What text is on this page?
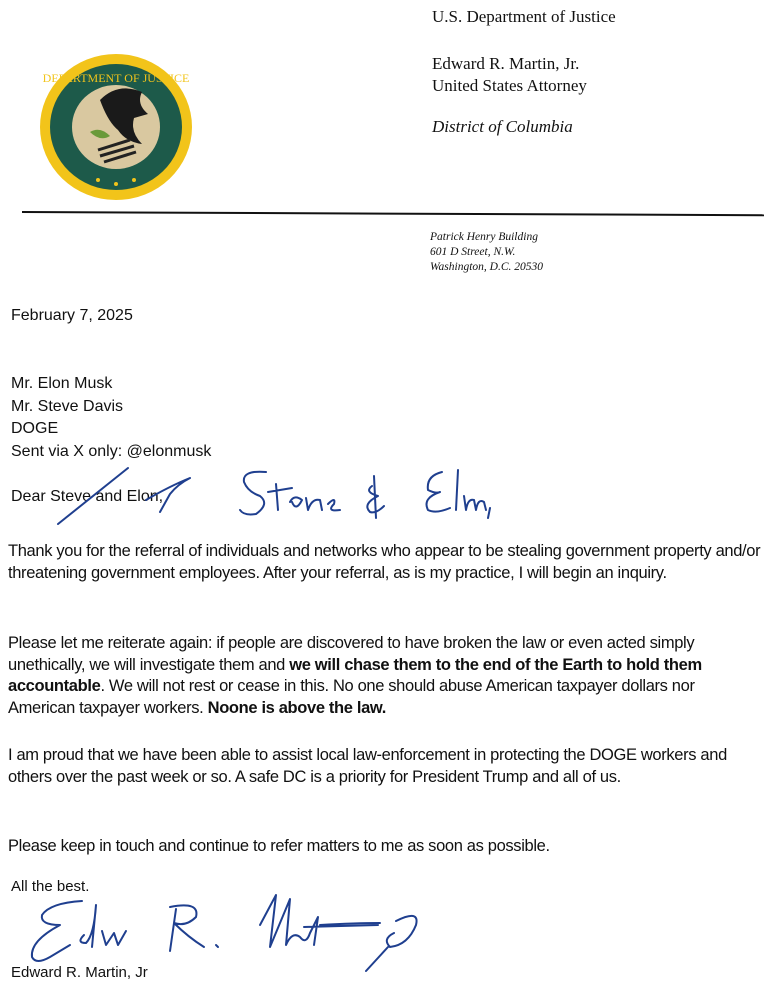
DEPARTMENT OF JUSTICE
U.S. Department of Justice
Edward R. Martin, Jr.
United States Attorney
District of Columbia
Patrick Henry Building
601 D Street, N.W.
Washington, D.C. 20530
February 7, 2025
Mr. Elon Musk
Mr. Steve Davis
DOGE
Sent via X only: @elonmusk
Dear Steve and Elon,
Thank you for the referral of individuals and networks who appear to be stealing government property and/or threatening government employees. After your referral, as is my practice, I will begin an inquiry.
Please let me reiterate again: if people are discovered to have broken the law or even acted simply unethically, we will investigate them and we will chase them to the end of the Earth to hold them accountable. We will not rest or cease in this. No one should abuse American taxpayer dollars nor American taxpayer workers. Noone is above the law.
I am proud that we have been able to assist local law-enforcement in protecting the DOGE workers and others over the past week or so. A safe DC is a priority for President Trump and all of us.
Please keep in touch and continue to refer matters to me as soon as possible.
All the best.
Edward R. Martin, Jr
